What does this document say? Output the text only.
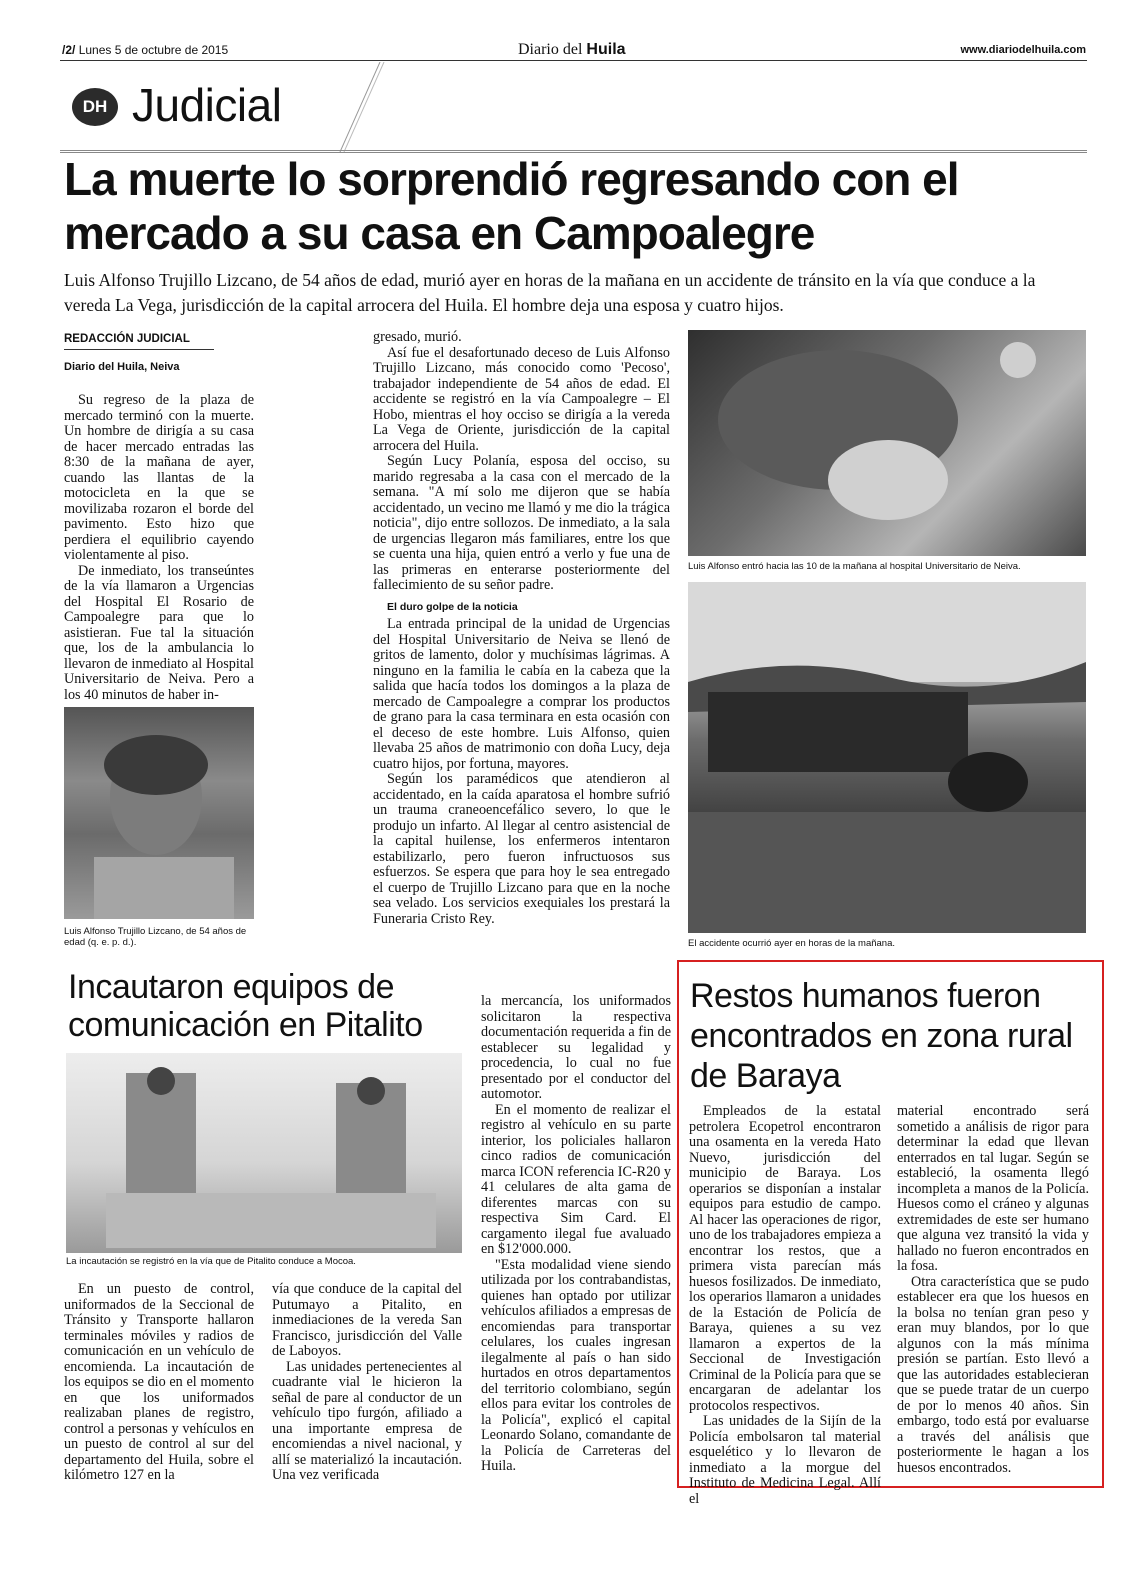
/2/ Lunes 5 de octubre de 2015	Diario del Huila	www.diariodelhuila.com
DH Judicial
La muerte lo sorprendió regresando con el mercado a su casa en Campoalegre

Luis Alfonso Trujillo Lizcano, de 54 años de edad, murió ayer en horas de la mañana en un accidente de tránsito en la vía que conduce a la vereda La Vega, jurisdicción de la capital arrocera del Huila. El hombre deja una esposa y cuatro hijos.

REDACCIÓN JUDICIAL
Diario del Huila, Neiva

Su regreso de la plaza de mercado terminó con la muerte. Un hombre de dirigía a su casa de hacer mercado entradas las 8:30 de la mañana de ayer, cuando las llantas de la motocicleta en la que se movilizaba rozaron el borde del pavimento. Esto hizo que perdiera el equilibrio cayendo violentamente al piso.

De inmediato, los transeúntes de la vía llamaron a Urgencias del Hospital El Rosario de Campoalegre para que lo asistieran. Fue tal la situación que, los de la ambulancia lo llevaron de inmediato al Hospital Universitario de Neiva. Pero a los 40 minutos de haber in-

Luis Alfonso Trujillo Lizcano, de 54 años de edad (q. e. p. d.).

gresado, murió.

Así fue el desafortunado deceso de Luis Alfonso Trujillo Lizcano, más conocido como 'Pecoso', trabajador independiente de 54 años de edad. El accidente se registró en la vía Campoalegre – El Hobo, mientras el hoy occiso se dirigía a la vereda La Vega de Oriente, jurisdicción de la capital arrocera del Huila.

Según Lucy Polanía, esposa del occiso, su marido regresaba a la casa con el mercado de la semana. "A mí solo me dijeron que se había accidentado, un vecino me llamó y me dio la trágica noticia", dijo entre sollozos. De inmediato, a la sala de urgencias llegaron más familiares, entre los que se cuenta una hija, quien entró a verlo y fue una de las primeras en enterarse posteriormente del fallecimiento de su señor padre.

El duro golpe de la noticia

La entrada principal de la unidad de Urgencias del Hospital Universitario de Neiva se llenó de gritos de lamento, dolor y muchísimas lágrimas. A ninguno en la familia le cabía en la cabeza que la salida que hacía todos los domingos a la plaza de mercado de Campoalegre a comprar los productos de grano para la casa terminara en esta ocasión con el deceso de este hombre. Luis Alfonso, quien llevaba 25 años de matrimonio con doña Lucy, deja cuatro hijos, por fortuna, mayores.

Según los paramédicos que atendieron al accidentado, en la caída aparatosa el hombre sufrió un trauma craneoencefálico severo, lo que le produjo un infarto. Al llegar al centro asistencial de la capital huilense, los enfermeros intentaron estabilizarlo, pero fueron infructuosos sus esfuerzos. Se espera que para hoy le sea entregado el cuerpo de Trujillo Lizcano para que en la noche sea velado. Los servicios exequiales los prestará la Funeraria Cristo Rey.

Luis Alfonso entró hacia las 10 de la mañana al hospital Universitario de Neiva.
El accidente ocurrió ayer en horas de la mañana.
Incautaron equipos de comunicación en Pitalito
La incautación se registró en la vía que de Pitalito conduce a Mocoa.

En un puesto de control, uniformados de la Seccional de Tránsito y Transporte hallaron terminales móviles y radios de comunicación en un vehículo de encomienda. La incautación de los equipos se dio en el momento en que los uniformados realizaban planes de registro, control a personas y vehículos en un puesto de control al sur del departamento del Huila, sobre el kilómetro 127 en la

vía que conduce de la capital del Putumayo a Pitalito, en inmediaciones de la vereda San Francisco, jurisdicción del Valle de Laboyos.

Las unidades pertenecientes al cuadrante vial le hicieron la señal de pare al conductor de un vehículo tipo furgón, afiliado a una importante empresa de encomiendas a nivel nacional, y allí se materializó la incautación. Una vez verificada

la mercancía, los uniformados solicitaron la respectiva documentación requerida a fin de establecer su legalidad y procedencia, lo cual no fue presentado por el conductor del automotor.

En el momento de realizar el registro al vehículo en su parte interior, los policiales hallaron cinco radios de comunicación marca ICON referencia IC-R20 y 41 celulares de alta gama de diferentes marcas con su respectiva Sim Card. El cargamento ilegal fue avaluado en $12'000.000.

"Esta modalidad viene siendo utilizada por los contrabandistas, quienes han optado por utilizar vehículos afiliados a empresas de encomiendas para transportar celulares, los cuales ingresan ilegalmente al país o han sido hurtados en otros departamentos del territorio colombiano, según ellos para evitar los controles de la Policía", explicó el capital Leonardo Solano, comandante de la Policía de Carreteras del Huila.

Restos humanos fueron encontrados en zona rural de Baraya

Empleados de la estatal petrolera Ecopetrol encontraron una osamenta en la vereda Hato Nuevo, jurisdicción del municipio de Baraya. Los operarios se disponían a instalar equipos para estudio de campo. Al hacer las operaciones de rigor, uno de los trabajadores empieza a encontrar los restos, que a primera vista parecían más huesos fosilizados. De inmediato, los operarios llamaron a unidades de la Estación de Policía de Baraya, quienes a su vez llamaron a expertos de la Seccional de Investigación Criminal de la Policía para que se encargaran de adelantar los protocolos respectivos.

Las unidades de la Sijín de la Policía embolsaron tal material esquelético y lo llevaron de inmediato a la morgue del Instituto de Medicina Legal. Allí el

material encontrado será sometido a análisis de rigor para determinar la edad que llevan enterrados en tal lugar. Según se estableció, la osamenta llegó incompleta a manos de la Policía. Huesos como el cráneo y algunas extremidades de este ser humano que alguna vez transitó la vida y hallado no fueron encontrados en la fosa.

Otra característica que se pudo establecer era que los huesos en la bolsa no tenían gran peso y eran muy blandos, por lo que algunos con la más mínima presión se partían. Esto llevó a que las autoridades establecieran que se puede tratar de un cuerpo de por lo menos 40 años. Sin embargo, todo está por evaluarse a través del análisis que posteriormente le hagan a los huesos encontrados.
